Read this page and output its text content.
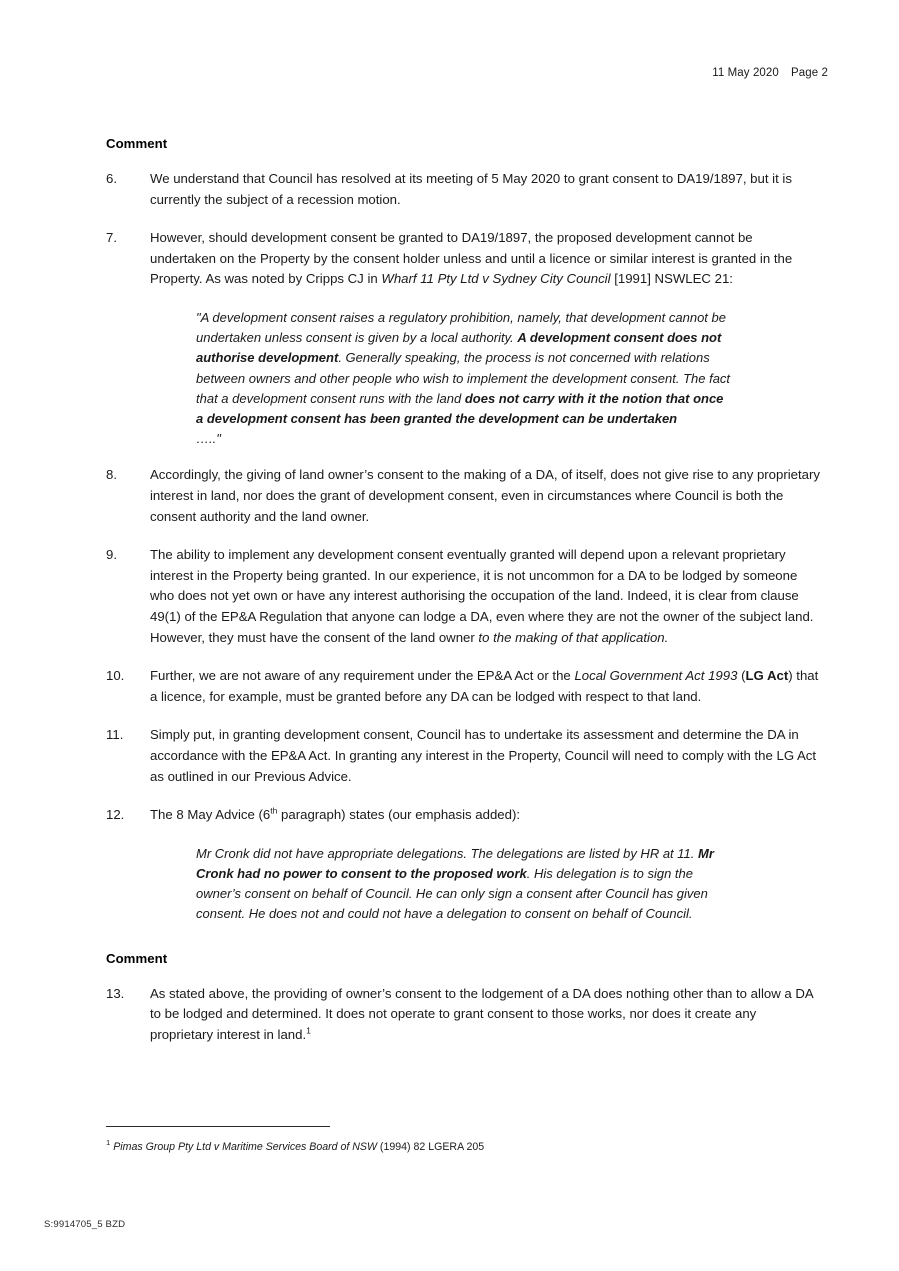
11 May 2020 Page 2

Comment
6.	We understand that Council has resolved at its meeting of 5 May 2020 to grant consent to DA19/1897, but it is currently the subject of a recession motion.
7.	However, should development consent be granted to DA19/1897, the proposed development cannot be undertaken on the Property by the consent holder unless and until a licence or similar interest is granted in the Property. As was noted by Cripps CJ in Wharf 11 Pty Ltd v Sydney City Council [1991] NSWLEC 21:
"A development consent raises a regulatory prohibition, namely, that development cannot be undertaken unless consent is given by a local authority. A development consent does not authorise development. Generally speaking, the process is not concerned with relations between owners and other people who wish to implement the development consent. The fact that a development consent runs with the land does not carry with it the notion that once a development consent has been granted the development can be undertaken
….."
8.	Accordingly, the giving of land owner’s consent to the making of a DA, of itself, does not give rise to any proprietary interest in land, nor does the grant of development consent, even in circumstances where Council is both the consent authority and the land owner.
9.	The ability to implement any development consent eventually granted will depend upon a relevant proprietary interest in the Property being granted. In our experience, it is not uncommon for a DA to be lodged by someone who does not yet own or have any interest authorising the occupation of the land. Indeed, it is clear from clause 49(1) of the EP&A Regulation that anyone can lodge a DA, even where they are not the owner of the subject land. However, they must have the consent of the land owner to the making of that application.
10.	Further, we are not aware of any requirement under the EP&A Act or the Local Government Act 1993 (LG Act) that a licence, for example, must be granted before any DA can be lodged with respect to that land.
11.	Simply put, in granting development consent, Council has to undertake its assessment and determine the DA in accordance with the EP&A Act. In granting any interest in the Property, Council will need to comply with the LG Act as outlined in our Previous Advice.
12.	The 8 May Advice (6th paragraph) states (our emphasis added):
Mr Cronk did not have appropriate delegations. The delegations are listed by HR at 11. Mr Cronk had no power to consent to the proposed work. His delegation is to sign the owner’s consent on behalf of Council. He can only sign a consent after Council has given consent. He does not and could not have a delegation to consent on behalf of Council.
Comment
13.	As stated above, the providing of owner’s consent to the lodgement of a DA does nothing other than to allow a DA to be lodged and determined. It does not operate to grant consent to those works, nor does it create any proprietary interest in land.$^1$
$^1$ Pimas Group Pty Ltd v Maritime Services Board of NSW (1994) 82 LGERA 205
S:9914705_5 BZD
